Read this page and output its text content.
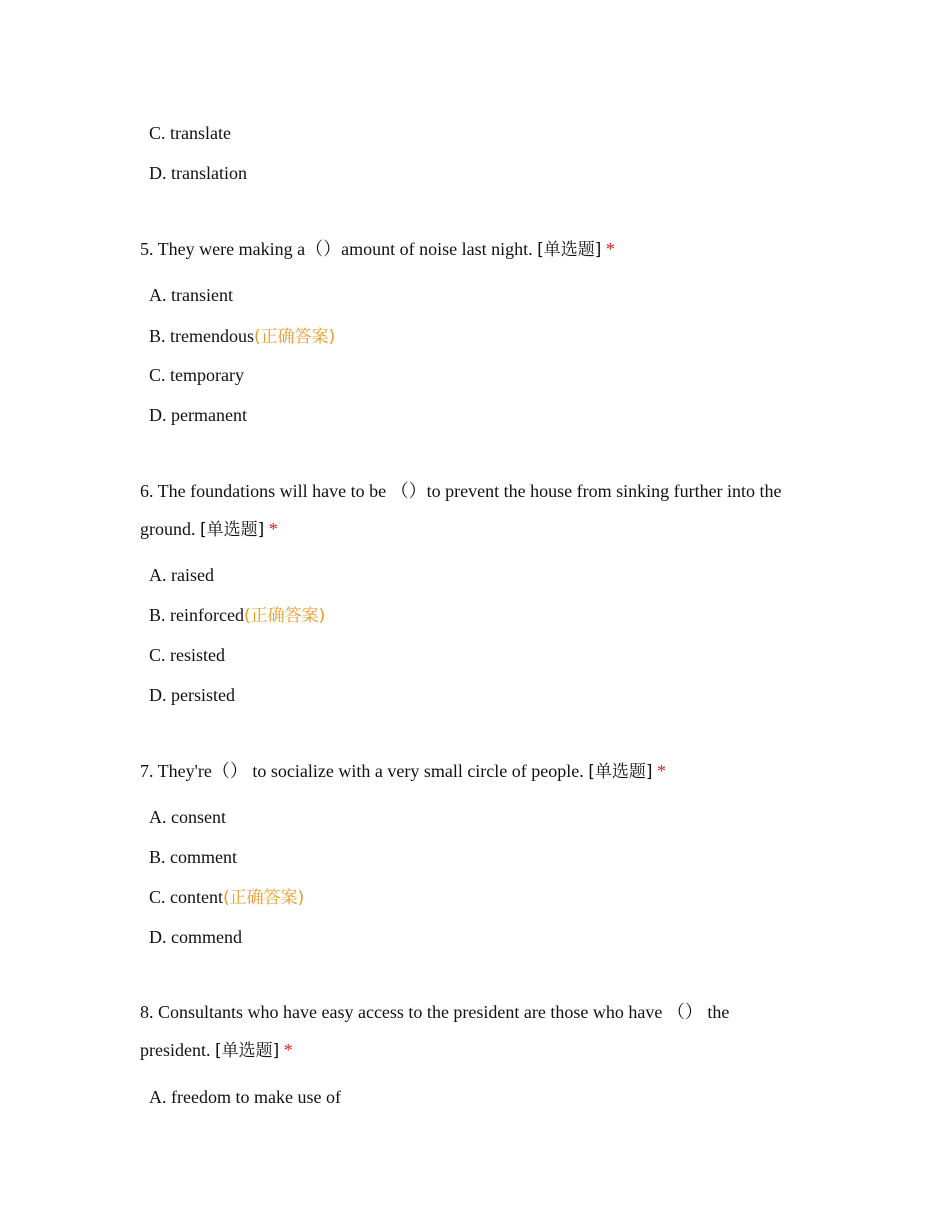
C. translate
D. translation
5. They were making a（）amount of noise last night. [单选题] *
A. transient
B. tremendous(正确答案)
C. temporary
D. permanent
6. The foundations will have to be （）to prevent the house from sinking further into the ground. [单选题] *
A. raised
B. reinforced(正确答案)
C. resisted
D. persisted
7. They're（） to socialize with a very small circle of people. [单选题] *
A. consent
B. comment
C. content(正确答案)
D. commend
8. Consultants who have easy access to the president are those who have （） the president. [单选题] *
A. freedom to make use of
